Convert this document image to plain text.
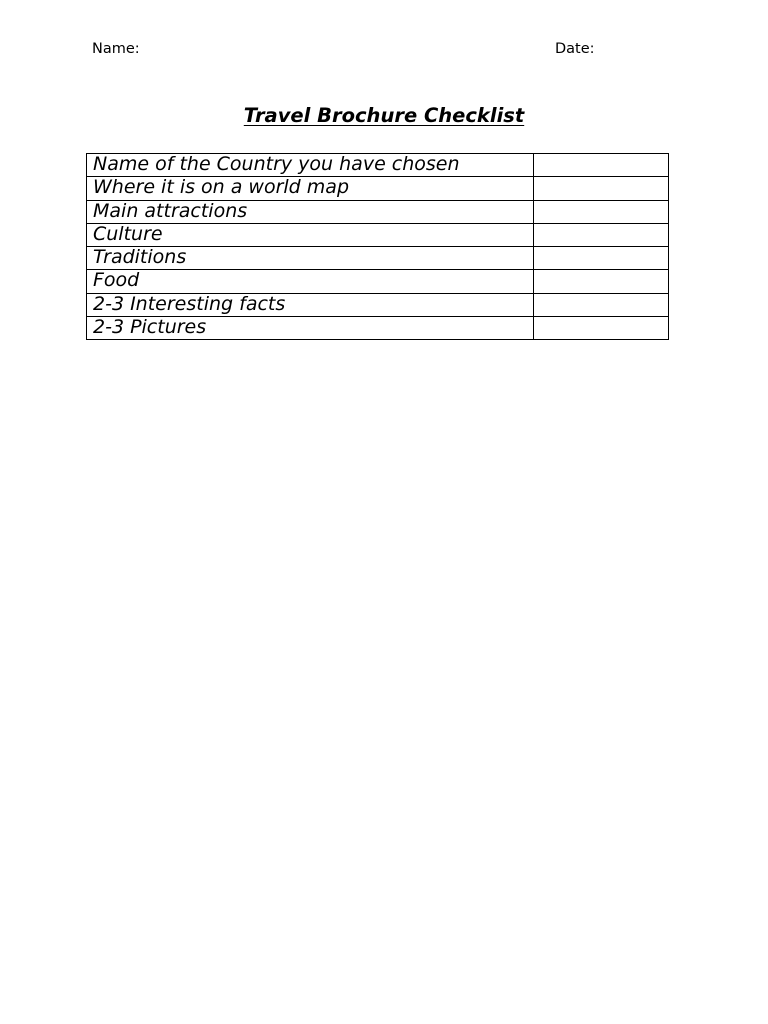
Name:	Date:
Travel Brochure Checklist
Name of the Country you have chosen	
Where it is on a world map	
Main attractions	
Culture	
Traditions	
Food	
2-3 Interesting facts	
2-3 Pictures	
